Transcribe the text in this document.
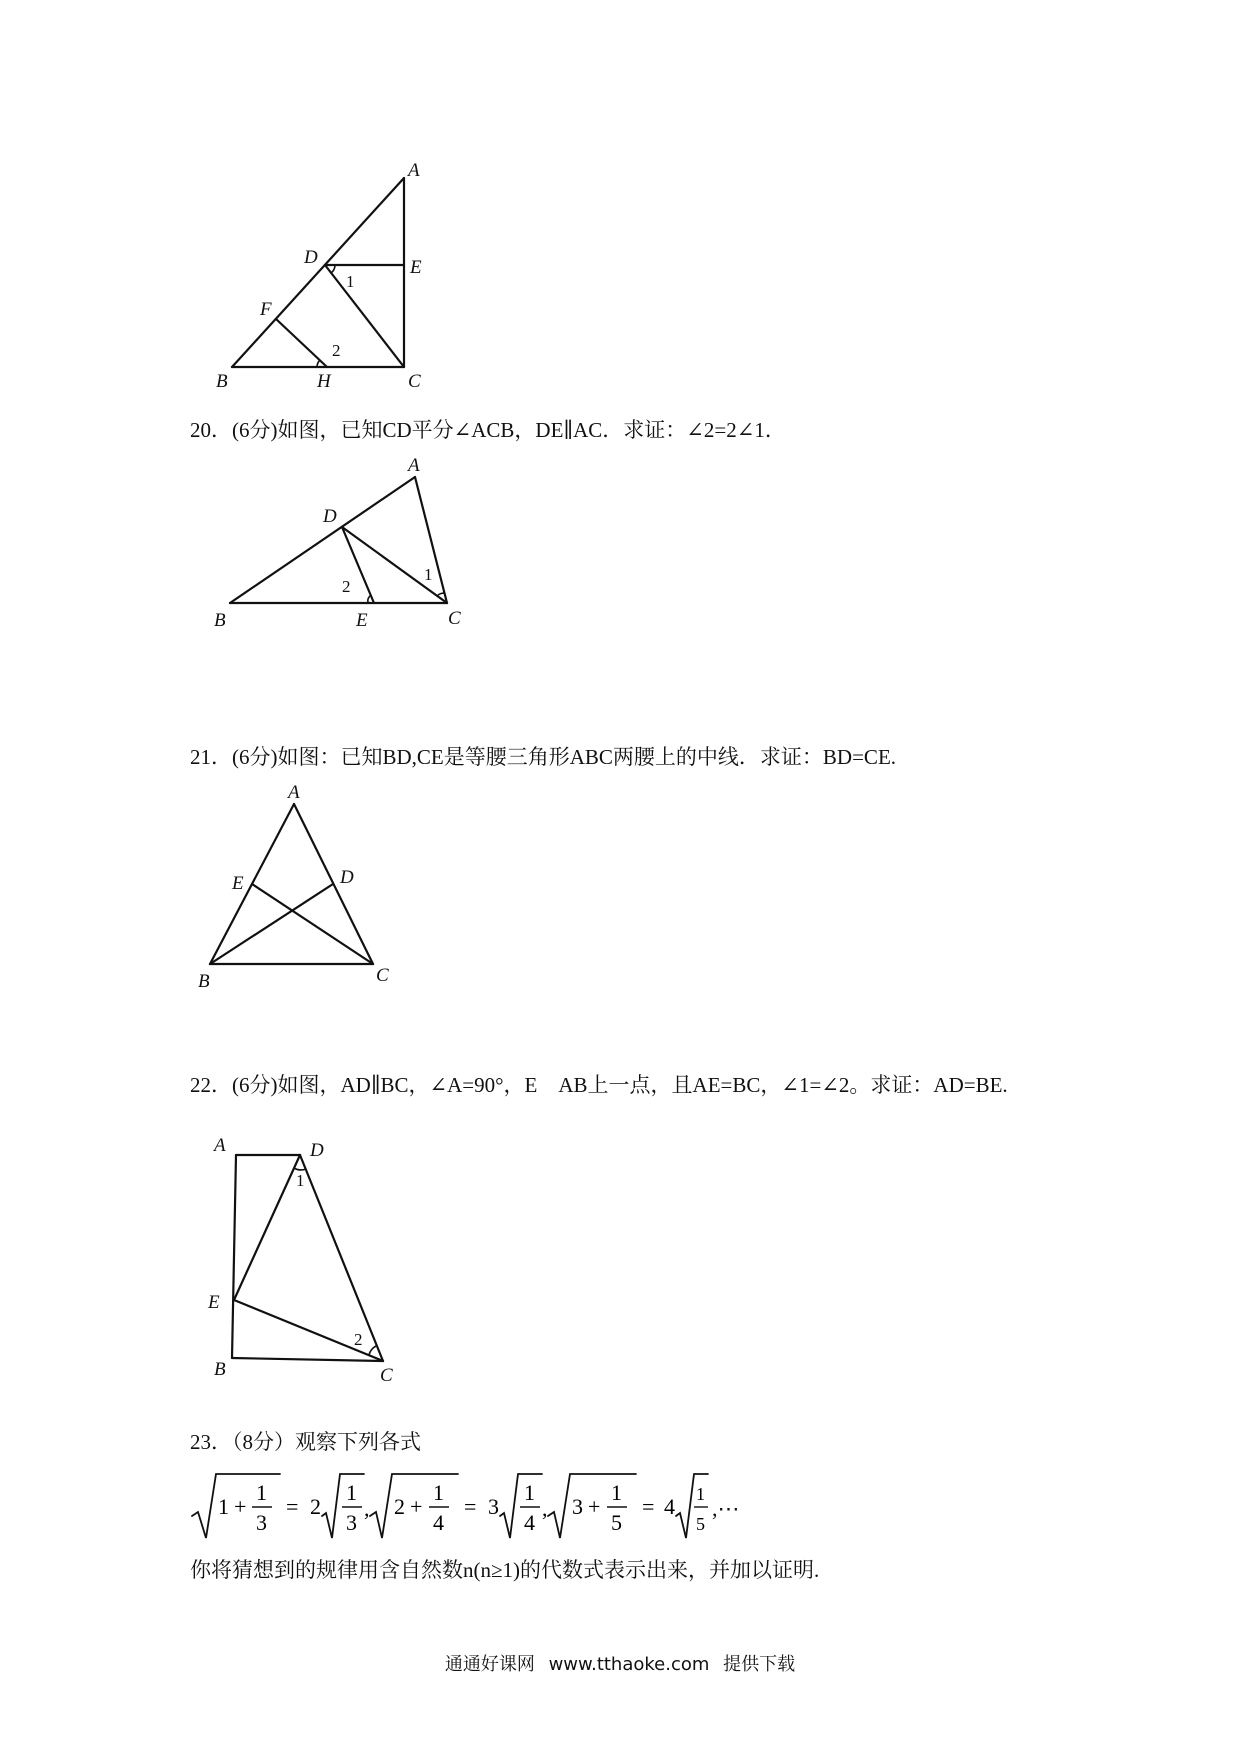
A
D	E
F
1
2
B	H	C
20．(6分)如图，已知CD平分∠ACB，DE∥AC．求证：∠2=2∠1．
A
D
2
1
B	E	C
21．(6分)如图：已知BD,CE是等腰三角形ABC两腰上的中线．求证：BD=CE.
A
E	D
B	C
22．(6分)如图，AD∥BC，∠A=90°，E　AB上一点，且AE=BC，∠1=∠2。求证：AD=BE.
A	D
1
E
2
B	C
23．（8分）观察下列各式
1 +
1
3
= 2
1
3
, 2 +
1
4
= 3
1
4
, 3 +
1
5
= 4 1
5
,⋯
你将猜想到的规律用含自然数n(n≥1)的代数式表示出来，并加以证明.
通通好课网 www.tthaoke.com 提供下载
